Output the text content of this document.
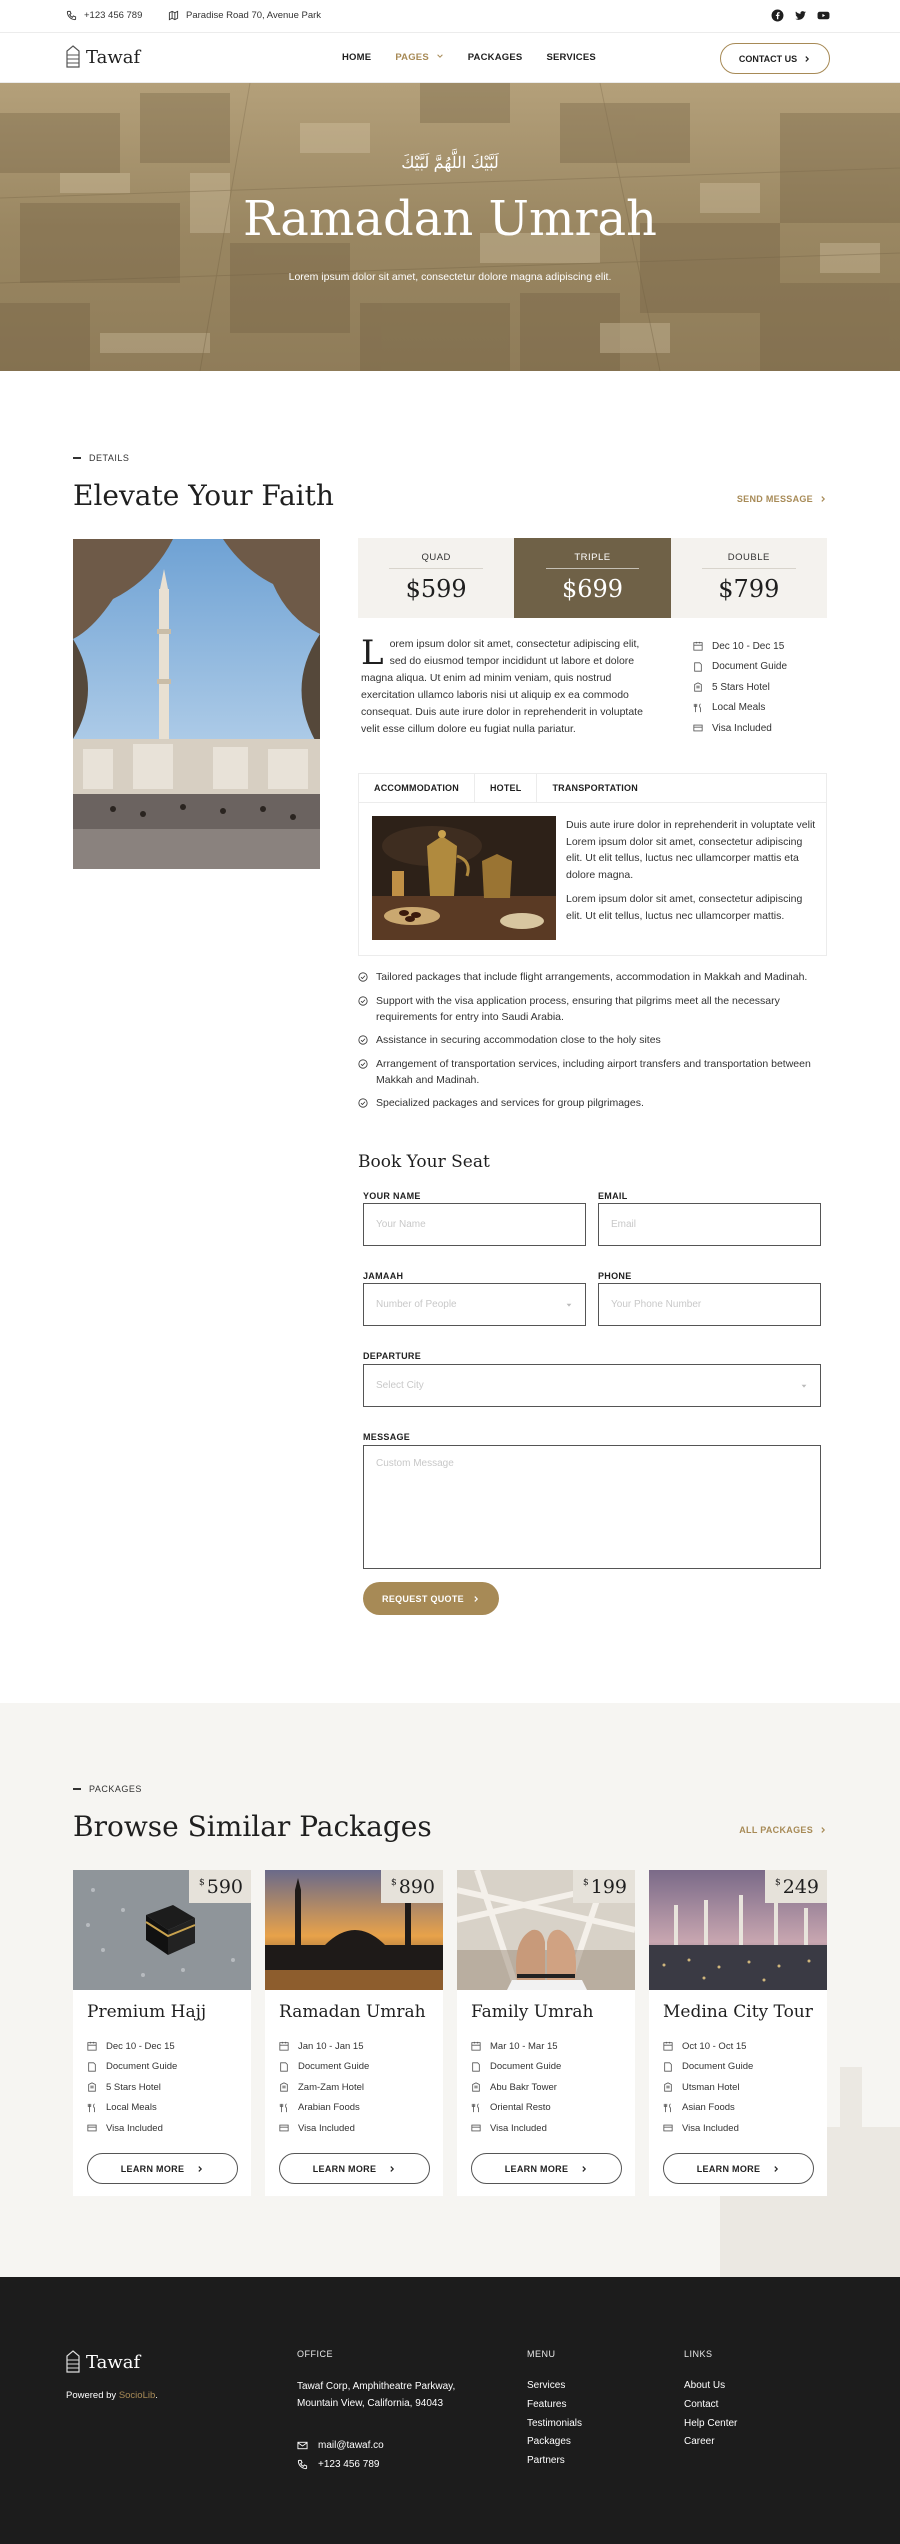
+123 456 789	Paradise Road 70, Avenue Park
Tawaf	HOME	PAGES	PACKAGES	SERVICES	CONTACT US
لَبَّيْكَ اللَّهُمَّ لَبَّيْكَ
Ramadan Umrah
Lorem ipsum dolor sit amet, consectetur dolore magna adipiscing elit.
DETAILS
Elevate Your Faith	SEND MESSAGE
QUAD
$599
TRIPLE
$699
DOUBLE
$799
Lorem ipsum dolor sit amet, consectetur adipiscing elit, sed do eiusmod tempor incididunt ut labore et dolore magna aliqua. Ut enim ad minim veniam, quis nostrud exercitation ullamco laboris nisi ut aliquip ex ea commodo consequat. Duis aute irure dolor in reprehenderit in voluptate velit esse cillum dolore eu fugiat nulla pariatur.
Dec 10 - Dec 15
Document Guide
5 Stars Hotel
Local Meals
Visa Included
ACCOMMODATION	HOTEL	TRANSPORTATION

Duis aute irure dolor in reprehenderit in voluptate velit Lorem ipsum dolor sit amet, consectetur adipiscing elit. Ut elit tellus, luctus nec ullamcorper mattis eta dolore magna.

Lorem ipsum dolor sit amet, consectetur adipiscing elit. Ut elit tellus, luctus nec ullamcorper mattis.

Tailored packages that include flight arrangements, accommodation in Makkah and Madinah.
Support with the visa application process, ensuring that pilgrims meet all the necessary requirements for entry into Saudi Arabia.
Assistance in securing accommodation close to the holy sites
Arrangement of transportation services, including airport transfers and transportation between Makkah and Madinah.
Specialized packages and services for group pilgrimages.
Book Your Seat
YOUR NAME
Your Name
EMAIL
Email
JAMAAH
Number of People
PHONE
Your Phone Number
DEPARTURE
Select City
MESSAGE
Custom Message
REQUEST QUOTE
PACKAGES
Browse Similar Packages	ALL PACKAGES
$ 590
Premium Hajj
Dec 10 - Dec 15
Document Guide
5 Stars Hotel
Local Meals
Visa Included
LEARN MORE
$ 890
Ramadan Umrah
Jan 10 - Jan 15
Document Guide
Zam-Zam Hotel
Arabian Foods
Visa Included
LEARN MORE
$ 199
Family Umrah
Mar 10 - Mar 15
Document Guide
Abu Bakr Tower
Oriental Resto
Visa Included
LEARN MORE
$ 249
Medina City Tour
Oct 10 - Oct 15
Document Guide
Utsman Hotel
Asian Foods
Visa Included
LEARN MORE
Tawaf
Powered by SocioLib.
OFFICE
Tawaf Corp, Amphitheatre Parkway,
Mountain View, California, 94043
mail@tawaf.co
+123 456 789
MENU
Services
Features
Testimonials
Packages
Partners
LINKS
About Us
Contact
Help Center
Career
